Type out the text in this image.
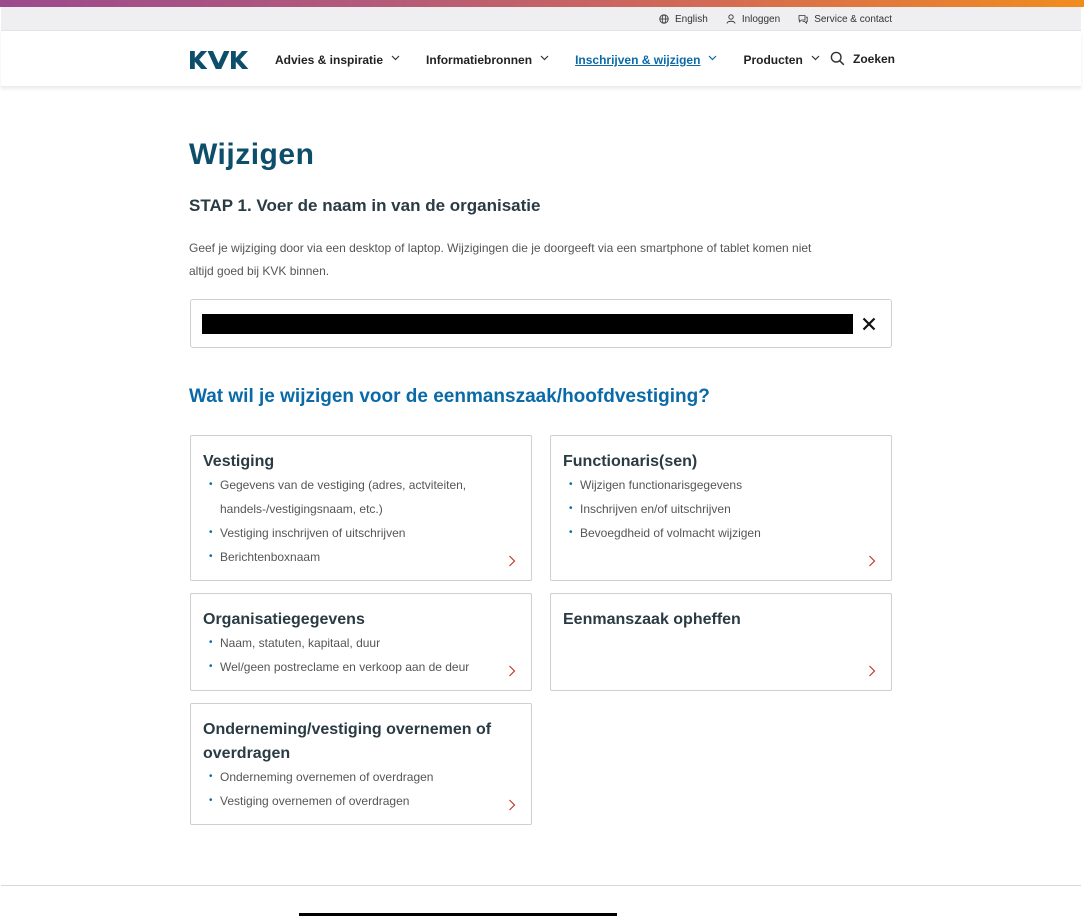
English	Inloggen	Service & contact
Advies & inspiratie	Informatiebronnen	Inschrijven & wijzigen	Producten	Zoeken
Wijzigen
STAP 1. Voer de naam in van de organisatie

Geef je wijziging door via een desktop of laptop. Wijzigingen die je doorgeeft via een smartphone of tablet komen niet altijd goed bij KVK binnen.

Wat wil je wijzigen voor de eenmanszaak/hoofdvestiging?
Vestiging
• Gegevens van de vestiging (adres, actviteiten, handels-/vestigingsnaam, etc.)
• Vestiging inschrijven of uitschrijven
• Berichtenboxnaam
Functionaris(sen)
• Wijzigen functionarisgegevens
• Inschrijven en/of uitschrijven
• Bevoegdheid of volmacht wijzigen
Organisatiegegevens
• Naam, statuten, kapitaal, duur
• Wel/geen postreclame en verkoop aan de deur
Eenmanszaak opheffen
Onderneming/vestiging overnemen of overdragen
• Onderneming overnemen of overdragen
• Vestiging overnemen of overdragen
